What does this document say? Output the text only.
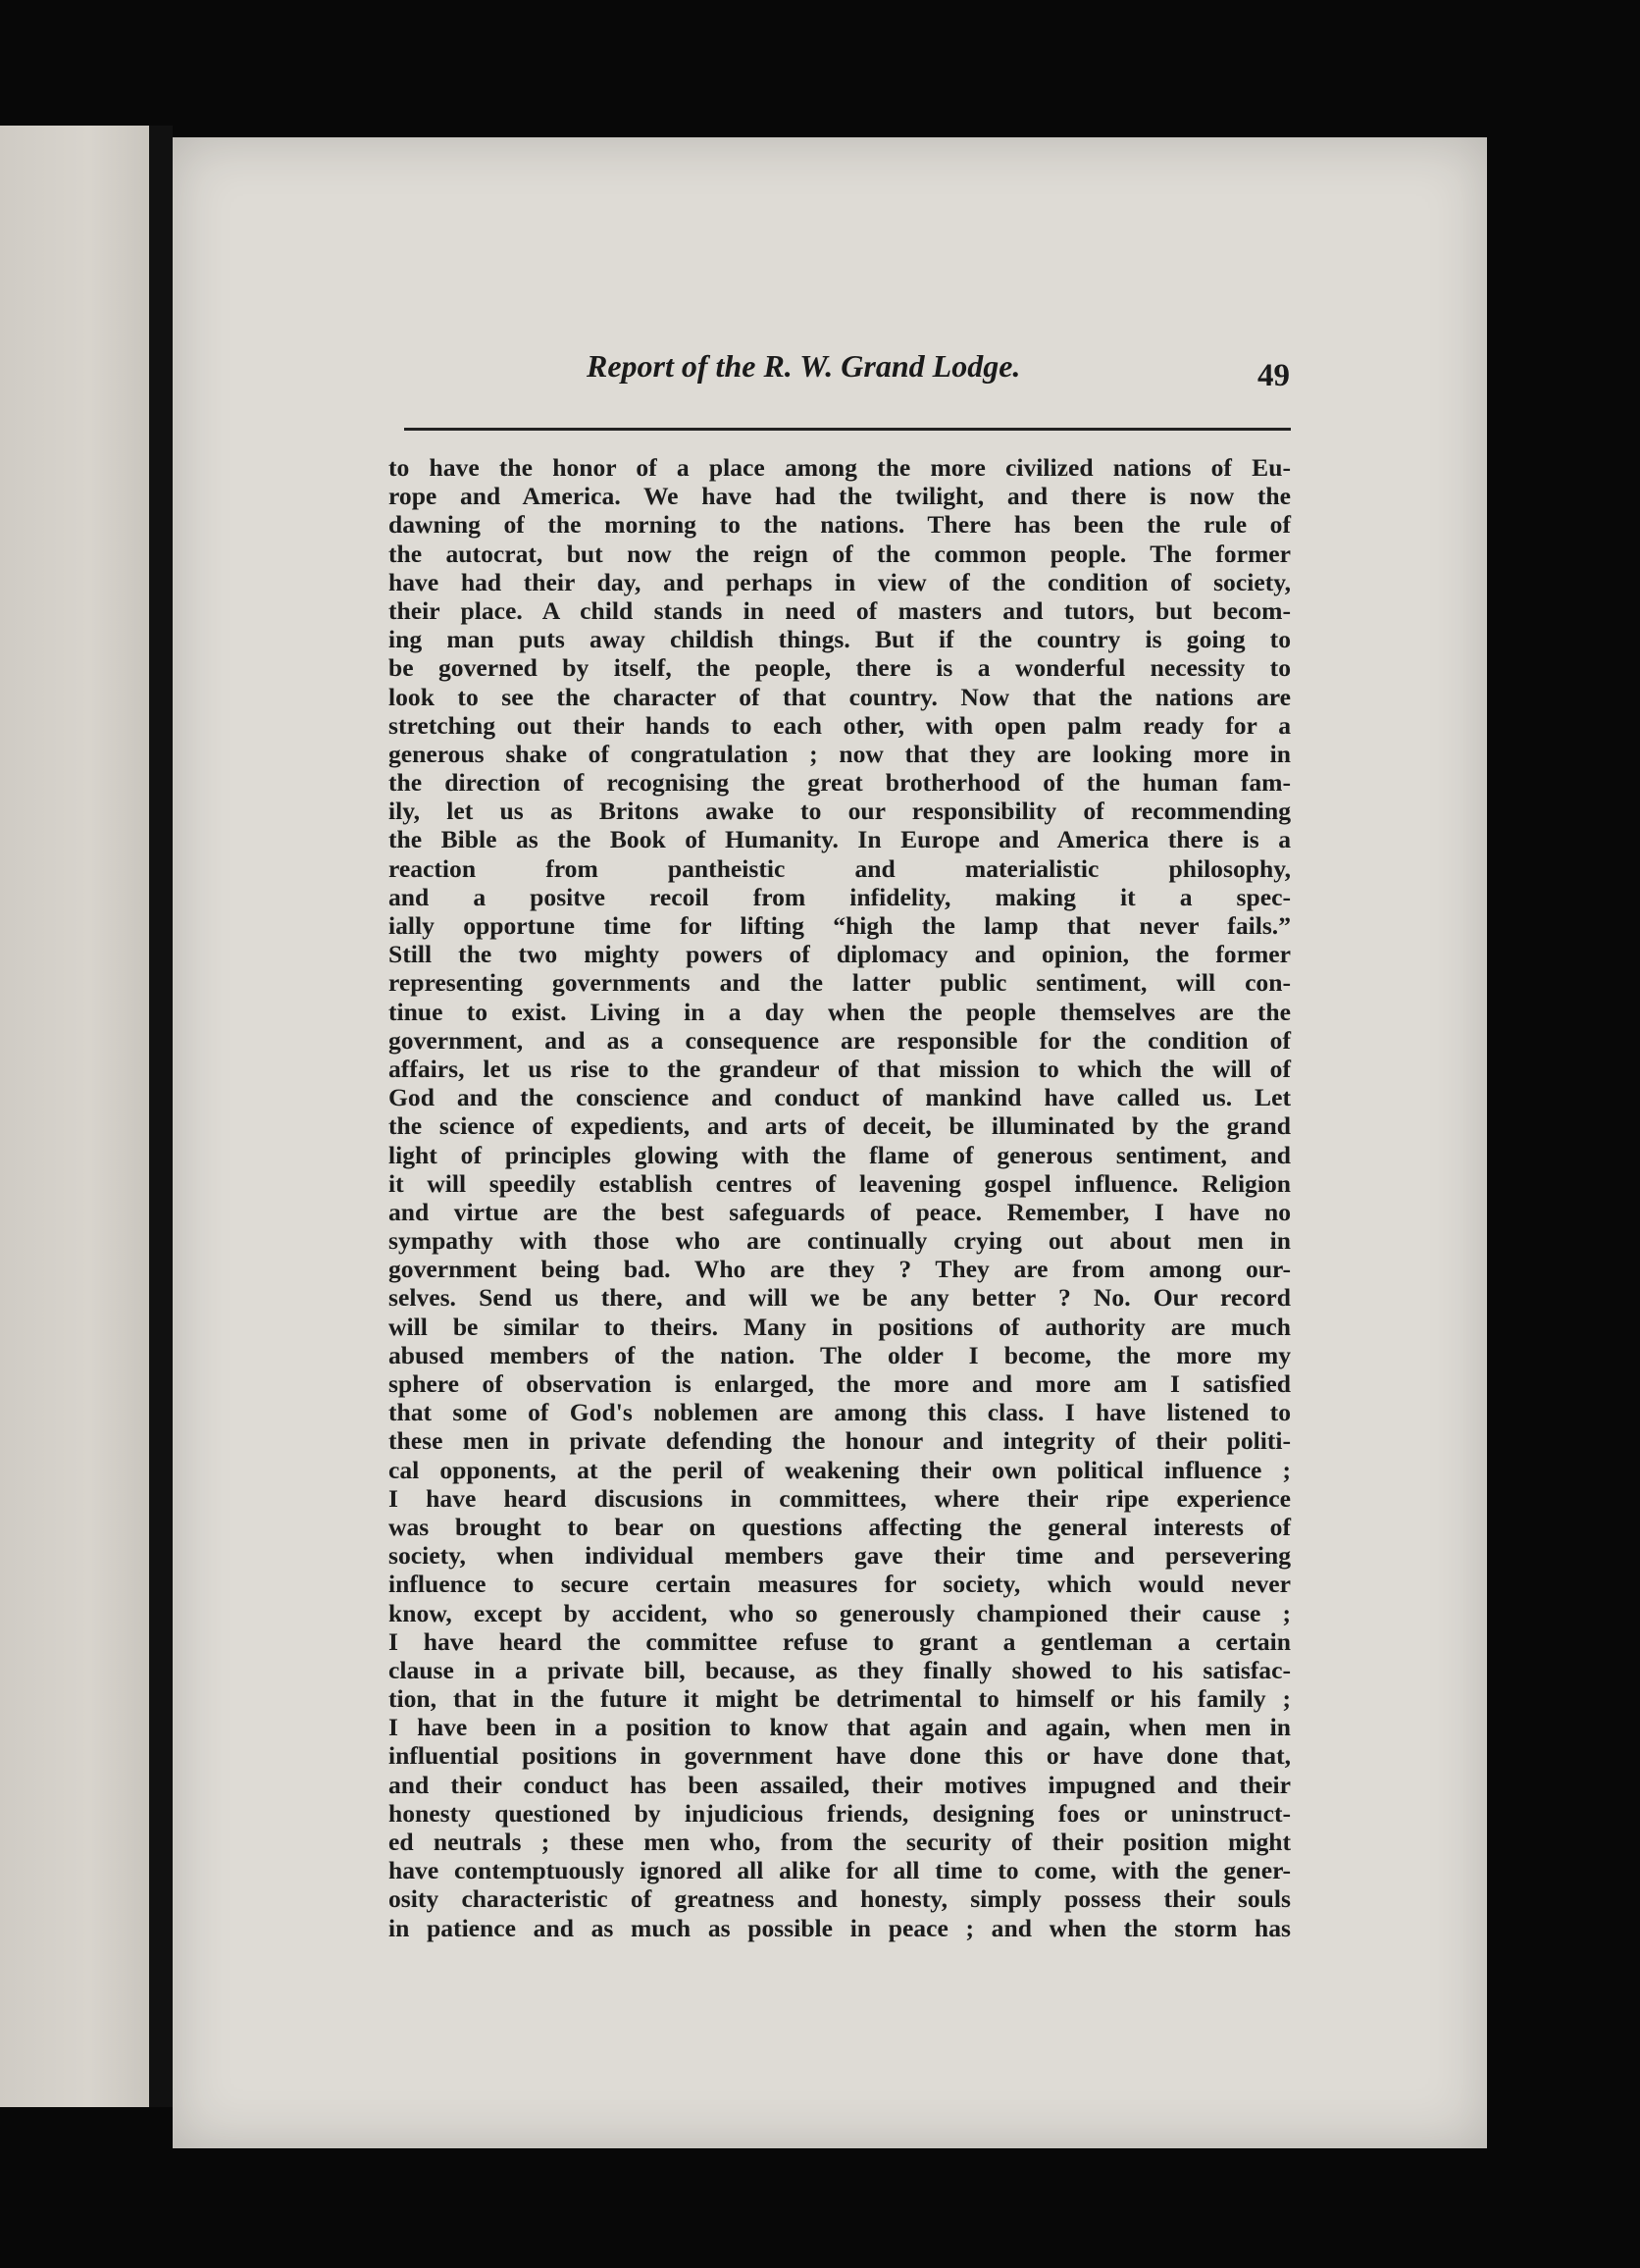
Report of the R. W. Grand Lodge.	49
to have the honor of a place among the more civilized nations of Eu-
rope and America. We have had the twilight, and there is now the
dawning of the morning to the nations. There has been the rule of
the autocrat, but now the reign of the common people. The former
have had their day, and perhaps in view of the condition of society,
their place. A child stands in need of masters and tutors, but becom-
ing man puts away childish things. But if the country is going to
be governed by itself, the people, there is a wonderful necessity to
look to see the character of that country. Now that the nations are
stretching out their hands to each other, with open palm ready for a
generous shake of congratulation ; now that they are looking more in
the direction of recognising the great brotherhood of the human fam-
ily, let us as Britons awake to our responsibility of recommending
the Bible as the Book of Humanity. In Europe and America there is a
reaction from pantheistic and materialistic philosophy,
and a positve recoil from infidelity, making it a spec-
ially opportune time for lifting “high the lamp that never fails.”
Still the two mighty powers of diplomacy and opinion, the former
representing governments and the latter public sentiment, will con-
tinue to exist. Living in a day when the people themselves are the
government, and as a consequence are responsible for the condition of
affairs, let us rise to the grandeur of that mission to which the will of
God and the conscience and conduct of mankind have called us. Let
the science of expedients, and arts of deceit, be illuminated by the grand
light of principles glowing with the flame of generous sentiment, and
it will speedily establish centres of leavening gospel influence. Religion
and virtue are the best safeguards of peace. Remember, I have no
sympathy with those who are continually crying out about men in
government being bad. Who are they ? They are from among our-
selves. Send us there, and will we be any better ? No. Our record
will be similar to theirs. Many in positions of authority are much
abused members of the nation. The older I become, the more my
sphere of observation is enlarged, the more and more am I satisfied
that some of God's noblemen are among this class. I have listened to
these men in private defending the honour and integrity of their politi-
cal opponents, at the peril of weakening their own political influence ;
I have heard discusions in committees, where their ripe experience
was brought to bear on questions affecting the general interests of
society, when individual members gave their time and persevering
influence to secure certain measures for society, which would never
know, except by accident, who so generously championed their cause ;
I have heard the committee refuse to grant a gentleman a certain
clause in a private bill, because, as they finally showed to his satisfac-
tion, that in the future it might be detrimental to himself or his family ;
I have been in a position to know that again and again, when men in
influential positions in government have done this or have done that,
and their conduct has been assailed, their motives impugned and their
honesty questioned by injudicious friends, designing foes or uninstruct-
ed neutrals ; these men who, from the security of their position might
have contemptuously ignored all alike for all time to come, with the gener-
osity characteristic of greatness and honesty, simply possess their souls
in patience and as much as possible in peace ; and when the storm has
